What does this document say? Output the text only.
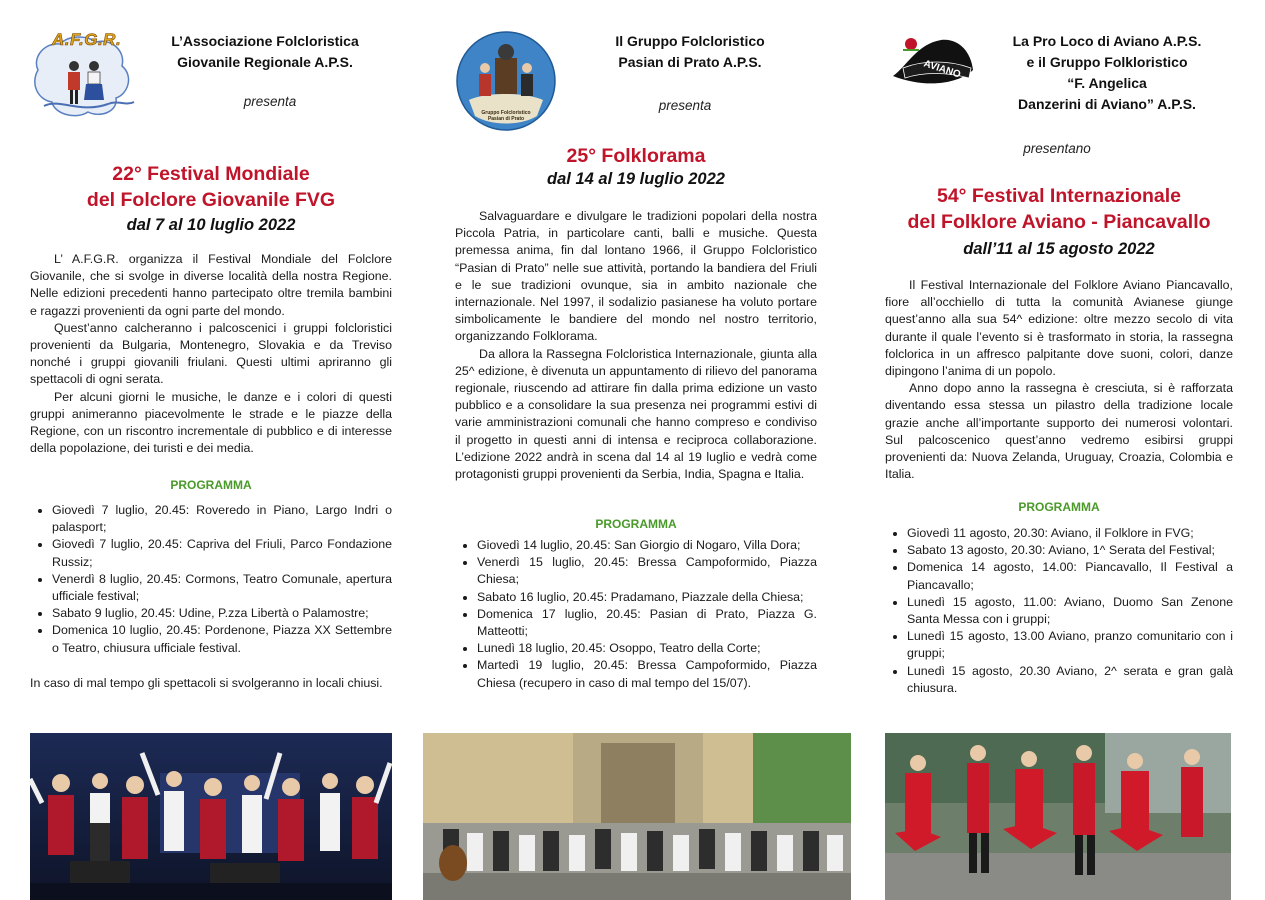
A.F.G.R.	L’Associazione Folcloristica
Giovanile Regionale A.P.S.
presenta
22° Festival Mondiale
del Folclore Giovanile FVG
dal 7 al 10 luglio 2022

L’ A.F.G.R. organizza il Festival Mondiale del Folclore Giovanile, che si svolge in diverse località della nostra Regione. Nelle edizioni precedenti hanno partecipato oltre tremila bambini e ragazzi provenienti da ogni parte del mondo.

Quest’anno calcheranno i palcoscenici i gruppi folcloristici provenienti da Bulgaria, Montenegro, Slovakia e da Treviso nonché i gruppi giovanili friulani. Questi ultimi apriranno gli spettacoli di ogni serata.

Per alcuni giorni le musiche, le danze e i colori di questi gruppi animeranno piacevolmente le strade e le piazze della Regione, con un riscontro incrementale di pubblico e di interesse della popolazione, dei turisti e dei media.

PROGRAMMA
• Giovedì 7 luglio, 20.45: Roveredo in Piano, Largo Indri o palasport;
• Giovedì 7 luglio, 20.45: Capriva del Friuli, Parco Fondazione Russiz;
• Venerdì 8 luglio, 20.45: Cormons, Teatro Comunale, apertura ufficiale festival;
• Sabato 9 luglio, 20.45: Udine, P.zza Libertà o Palamostre;
• Domenica 10 luglio, 20.45: Pordenone, Piazza XX Settembre o Teatro, chiusura ufficiale festival.
In caso di mal tempo gli spettacoli si svolgeranno in locali chiusi.
Gruppo Folcloristico Pasian di Prato
Il Gruppo Folcloristico
Pasian di Prato A.P.S.
presenta
25° Folklorama
dal 14 al 19 luglio 2022

Salvaguardare e divulgare le tradizioni popolari della nostra Piccola Patria, in particolare canti, balli e musiche. Questa premessa anima, fin dal lontano 1966, il Gruppo Folcloristico “Pasian di Prato” nelle sue attività, portando la bandiera del Friuli e le sue tradizioni ovunque, sia in ambito nazionale che internazionale. Nel 1997, il sodalizio pasianese ha voluto portare simbolicamente le bandiere del mondo nel nostro territorio, organizzando Folklorama.

Da allora la Rassegna Folcloristica Internazionale, giunta alla 25^ edizione, è divenuta un appuntamento di rilievo del panorama regionale, riuscendo ad attirare fin dalla prima edizione un vasto pubblico e a consolidare la sua presenza nei programmi estivi di varie amministrazioni comunali che hanno compreso e condiviso il progetto in questi anni di intensa e reciproca collaborazione. L’edizione 2022 andrà in scena dal 14 al 19 luglio e vedrà come protagonisti gruppi provenienti da Serbia, India, Spagna e Italia.

PROGRAMMA
• Giovedì 14 luglio, 20.45: San Giorgio di Nogaro, Villa Dora;
• Venerdì 15 luglio, 20.45: Bressa Campoformido, Piazza Chiesa;
• Sabato 16 luglio, 20.45: Pradamano, Piazzale della Chiesa;
• Domenica 17 luglio, 20.45: Pasian di Prato, Piazza G. Matteotti;
• Lunedì 18 luglio, 20.45: Osoppo, Teatro della Corte;
• Martedì 19 luglio, 20.45: Bressa Campoformido, Piazza Chiesa (recupero in caso di mal tempo del 15/07).
AVIANO
La Pro Loco di Aviano A.P.S.
e il Gruppo Folkloristico
“F. Angelica
Danzerini di Aviano” A.P.S.
presentano
54° Festival Internazionale
del Folklore Aviano - Piancavallo
dall’11 al 15 agosto 2022

Il Festival Internazionale del Folklore Aviano Piancavallo, fiore all’occhiello di tutta la comunità Avianese giunge quest’anno alla sua 54^ edizione: oltre mezzo secolo di vita durante il quale l’evento si è trasformato in storia, la rassegna folclorica in un affresco palpitante dove suoni, colori, danze dipingono l’anima di un popolo.

Anno dopo anno la rassegna è cresciuta, si è rafforzata diventando essa stessa un pilastro della tradizione locale grazie anche all’importante supporto dei numerosi volontari. Sul palcoscenico quest’anno vedremo esibirsi gruppi provenienti da: Nuova Zelanda, Uruguay, Croazia, Colombia e Italia.

PROGRAMMA
• Giovedì 11 agosto, 20.30: Aviano, il Folklore in FVG;
• Sabato 13 agosto, 20.30: Aviano, 1^ Serata del Festival;
• Domenica 14 agosto, 14.00: Piancavallo, Il Festival a Piancavallo;
• Lunedì 15 agosto, 11.00: Aviano, Duomo San Zenone Santa Messa con i gruppi;
• Lunedì 15 agosto, 13.00 Aviano, pranzo comunitario con i gruppi;
• Lunedì 15 agosto, 20.30 Aviano, 2^ serata e gran galà chiusura.
